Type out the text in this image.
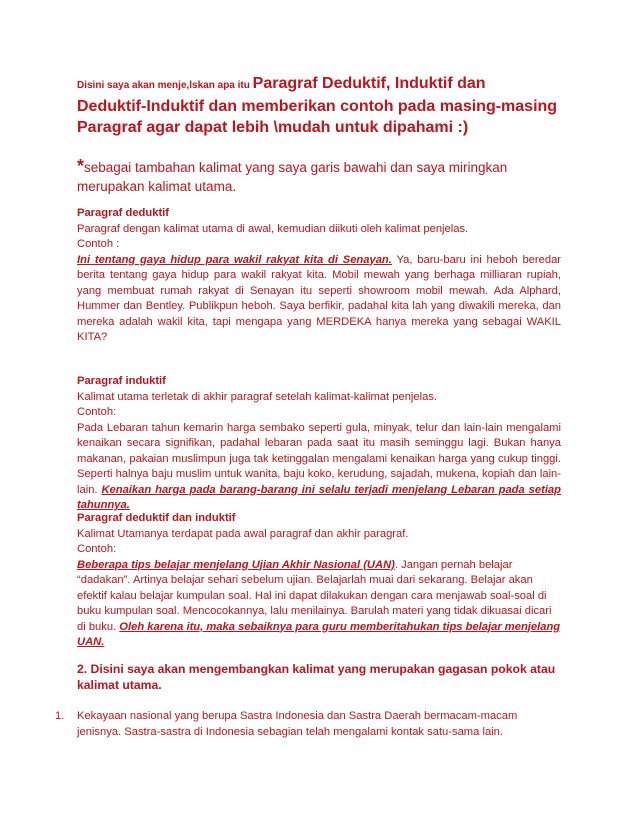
Disini saya akan menje,lskan apa itu Paragraf Deduktif, Induktif dan
Deduktif-Induktif dan memberikan contoh pada masing-masing
Paragraf agar dapat lebih \mudah untuk dipahami :)
*sebagai tambahan kalimat yang saya garis bawahi dan saya miringkan merupakan kalimat utama.
Paragraf deduktif

Paragraf dengan kalimat utama di awal, kemudian diikuti oleh kalimat penjelas.

Contoh :

Ini tentang gaya hidup para wakil rakyat kita di Senayan. Ya, baru-baru ini heboh beredar berita tentang gaya hidup para wakil rakyat kita. Mobil mewah yang berhaga milliaran rupiah, yang membuat rumah rakyat di Senayan itu seperti showroom mobil mewah. Ada Alphard, Hummer dan Bentley. Publikpun heboh. Saya berfikir, padahal kita lah yang diwakili mereka, dan mereka adalah wakil kita, tapi mengapa yang MERDEKA hanya mereka yang sebagai WAKIL KITA?

Paragraf induktif

Kalimat utama terletak di akhir paragraf setelah kalimat-kalimat penjelas.

Contoh:

Pada Lebaran tahun kemarin harga sembako seperti gula, minyak, telur dan lain-lain mengalami kenaikan secara signifikan, padahal lebaran pada saat itu masih seminggu lagi. Bukan hanya makanan, pakaian muslimpun juga tak ketinggalan mengalami kenaikan harga yang cukup tinggi. Seperti halnya baju muslim untuk wanita, baju koko, kerudung, sajadah, mukena, kopiah dan lain-lain. Kenaikan harga pada barang-barang ini selalu terjadi menjelang Lebaran pada setiap tahunnya.

Paragraf deduktif dan induktif

Kalimat Utamanya terdapat pada awal paragraf dan akhir paragraf.

Contoh:

Beberapa tips belajar menjelang Ujian Akhir Nasional (UAN). Jangan pernah belajar “dadakan”. Artinya belajar sehari sebelum ujian. Belajarlah muai dari sekarang. Belajar akan efektif kalau belajar kumpulan soal. Hal ini dapat dilakukan dengan cara menjawab soal-soal di buku kumpulan soal. Mencocokannya, lalu menilainya. Barulah materi yang tidak dikuasai dicari di buku. Oleh karena itu, maka sebaiknya para guru memberitahukan tips belajar menjelang UAN.

2. Disini saya akan mengembangkan kalimat yang merupakan gagasan pokok atau kalimat utama.
1. Kekayaan nasional yang berupa Sastra Indonesia dan Sastra Daerah bermacam-macam jenisnya. Sastra-sastra di Indonesia sebagian telah mengalami kontak satu-sama lain.
